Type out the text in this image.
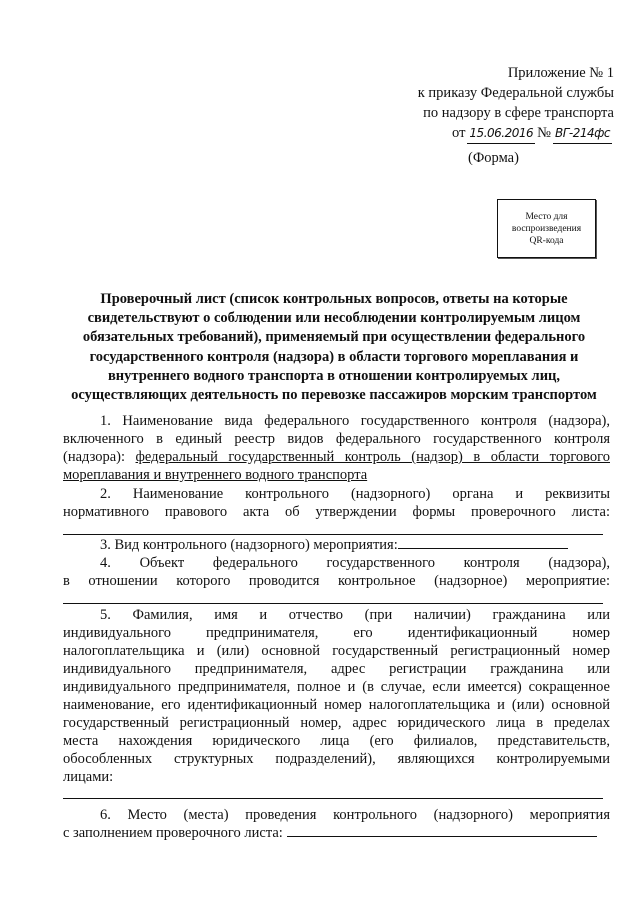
Приложение № 1
к приказу Федеральной службы
по надзору в сфере транспорта
от 15.06.2016 № ВГ-214фс
(Форма)
Место для
воспроизведения
QR-кода
Проверочный лист (список контрольных вопросов, ответы на которые
свидетельствуют о соблюдении или несоблюдении контролируемым лицом
обязательных требований), применяемый при осуществлении федерального
государственного контроля (надзора) в области торгового мореплавания и
внутреннего водного транспорта в отношении контролируемых лиц,
осуществляющих деятельность по перевозке пассажиров морским транспортом
1. Наименование вида федерального государственного контроля (надзора),
включенного в единый реестр видов федерального государственного контроля
(надзора): федеральный государственный контроль (надзор) в области торгового
мореплавания и внутреннего водного транспорта
2. Наименование контрольного (надзорного) органа и реквизиты
нормативного правового акта об утверждении формы проверочного листа:
3. Вид контрольного (надзорного) мероприятия:
4. Объект федерального государственного контроля (надзора),
в отношении которого проводится контрольное (надзорное) мероприятие:
5. Фамилия, имя и отчество (при наличии) гражданина или
индивидуального предпринимателя, его идентификационный номер
налогоплательщика и (или) основной государственный регистрационный номер
индивидуального предпринимателя, адрес регистрации гражданина или
индивидуального предпринимателя, полное и (в случае, если имеется) сокращенное
наименование, его идентификационный номер налогоплательщика и (или) основной
государственный регистрационный номер, адрес юридического лица в пределах
места нахождения юридического лица (его филиалов, представительств,
обособленных структурных подразделений), являющихся контролируемыми
лицами:
6. Место (места) проведения контрольного (надзорного) мероприятия
с заполнением проверочного листа:
